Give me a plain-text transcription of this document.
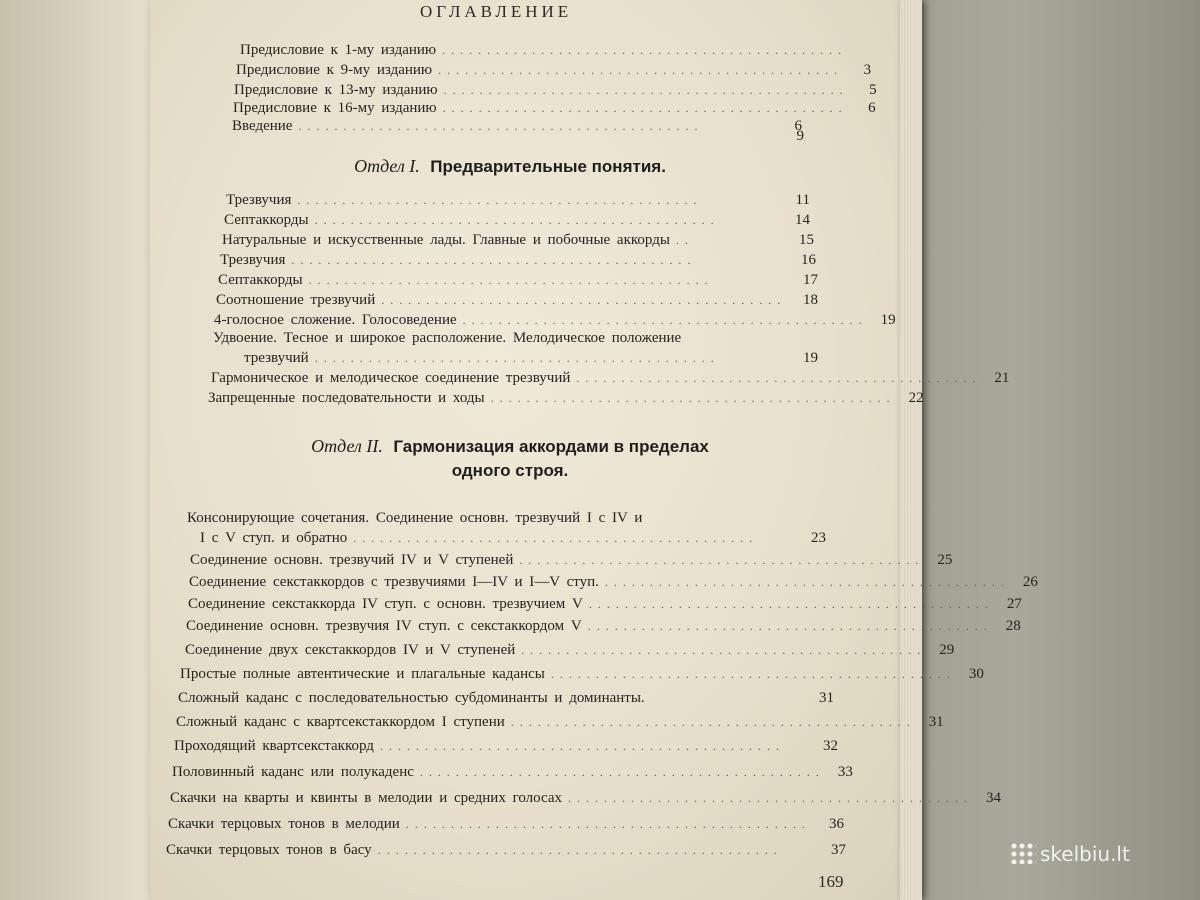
ОГЛАВЛЕНИЕ
Предисловие к 1-му изданию .............................................
Предисловие к 9-му изданию .............................................	3
Предисловие к 13-му изданию .............................................	5
Предисловие к 16-му изданию .............................................	6
Введение .............................................	6
9
Отдел I. Предварительные понятия.
Трезвучия .............................................	11
Септаккорды .............................................	14
Натуральные и искусственные лады. Главные и побочные аккорды ..	15
Трезвучия .............................................	16
Септаккорды .............................................	17
Соотношение трезвучий .............................................	18
4-голосное сложение. Голосоведение ............................................. 19
Удвоение. Тесное и широкое расположение. Мелодическое положение
трезвучий .............................................	19
Гармоническое и мелодическое соединение трезвучий ............................................. 21
Запрещенные последовательности и ходы ............................................. 22
Отдел II. Гармонизация аккордами в пределах
одного строя.
Консонирующие сочетания. Соединение основн. трезвучий I с IV и
I с V ступ. и обратно .............................................	23
Соединение основн. трезвучий IV и V ступеней ............................................. 25
Соединение секстаккордов с трезвучиями I—IV и I—V ступ. ............................................. 26
Соединение секстаккорда IV ступ. с основн. трезвучием V ............................................. 27
Соединение основн. трезвучия IV ступ. с секстаккордом V ............................................. 28
Соединение двух секстаккордов IV и V ступеней ............................................. 29
Простые полные автентические и плагальные кадансы ............................................. 30
Сложный каданс с последовательностью субдоминанты и доминанты.	31
Сложный каданс с квартсекстаккордом I ступени ............................................. 31
Проходящий квартсекстаккорд .............................................	32
Половинный каданс или полукаденс ............................................. 33
Скачки на кварты и квинты в мелодии и средних голосах ............................................. 34
Скачки терцовых тонов в мелодии .............................................	36
Скачки терцовых тонов в басу .............................................	37
169
skelbiu.lt
